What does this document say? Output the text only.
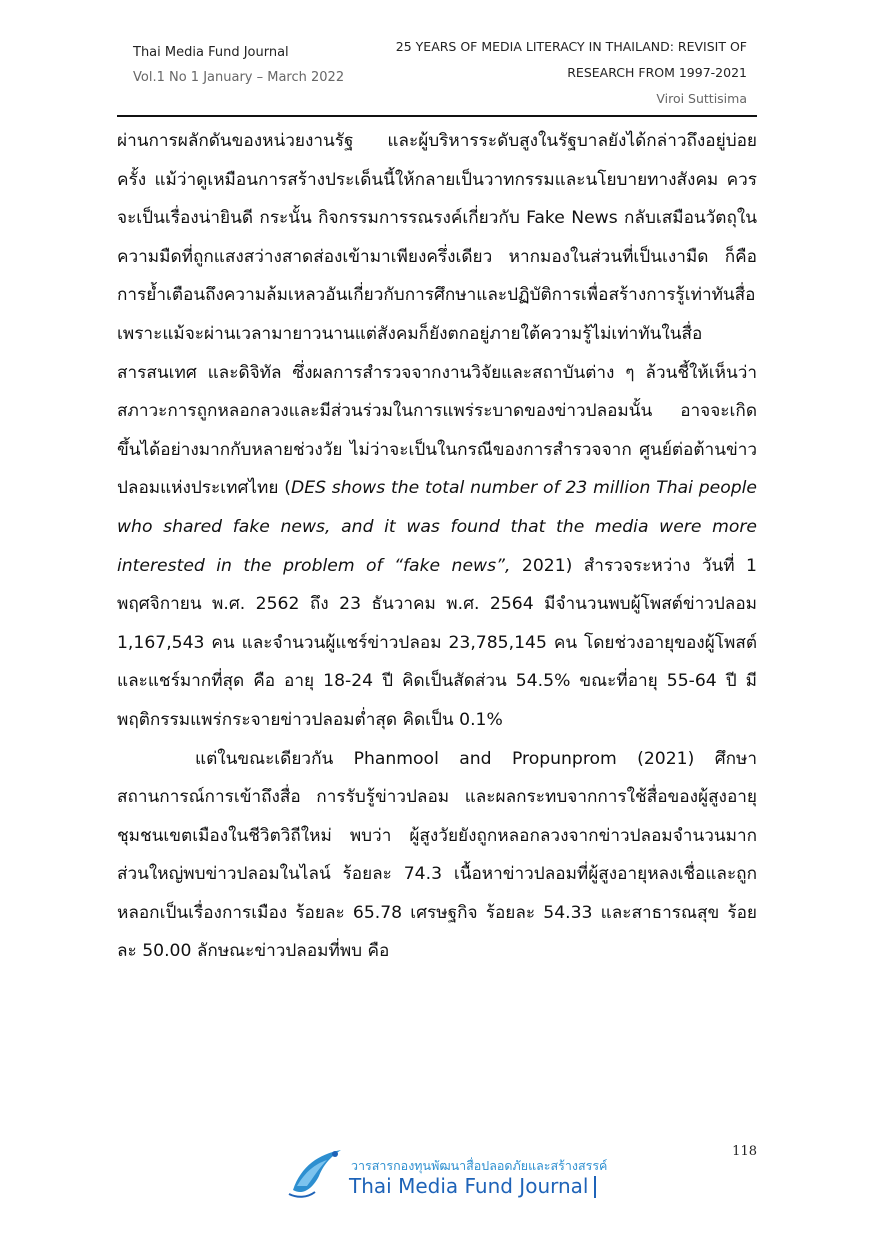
Thai Media Fund Journal
Vol.1 No 1 January – March 2022
25 YEARS OF MEDIA LITERACY IN THAILAND: REVISIT OF
RESEARCH FROM 1997-2021
Viroi Suttisima

ผ่านการผลักดันของหน่วยงานรัฐ และผู้บริหารระดับสูงในรัฐบาลยังได้กล่าวถึงอยู่บ่อยครั้ง แม้ว่าดูเหมือนการสร้างประเด็นนี้ให้กลายเป็นวาทกรรมและนโยบายทางสังคม ควรจะเป็นเรื่องน่ายินดี กระนั้น กิจกรรมการรณรงค์เกี่ยวกับ Fake News กลับเสมือนวัตถุในความมืดที่ถูกแสงสว่างสาดส่องเข้ามาเพียงครึ่งเดียว หากมองในส่วนที่เป็นเงามืด ก็คือการย้ำเตือนถึงความล้มเหลวอันเกี่ยวกับการศึกษาและปฏิบัติการเพื่อสร้างการรู้เท่าทันสื่อ เพราะแม้จะผ่านเวลามายาวนานแต่สังคมก็ยังตกอยู่ภายใต้ความรู้ไม่เท่าทันในสื่อ สารสนเทศ และดิจิทัล ซึ่งผลการสำรวจจากงานวิจัยและสถาบันต่าง ๆ ล้วนชี้ให้เห็นว่าสภาวะการถูกหลอกลวงและมีส่วนร่วมในการแพร่ระบาดของข่าวปลอมนั้น อาจจะเกิดขึ้นได้อย่างมากกับหลายช่วงวัย ไม่ว่าจะเป็นในกรณีของการสำรวจจาก ศูนย์ต่อต้านข่าวปลอมแห่งประเทศไทย (DES shows the total number of 23 million Thai people who shared fake news, and it was found that the media were more interested in the problem of “fake news”, 2021) สำรวจระหว่าง วันที่ 1 พฤศจิกายน พ.ศ. 2562 ถึง 23 ธันวาคม พ.ศ. 2564 มีจำนวนพบผู้โพสต์ข่าวปลอม 1,167,543 คน และจำนวนผู้แชร์ข่าวปลอม 23,785,145 คน โดยช่วงอายุของผู้โพสต์และแชร์มากที่สุด คือ อายุ 18-24 ปี คิดเป็นสัดส่วน 54.5% ขณะที่อายุ 55-64 ปี มีพฤติกรรมแพร่กระจายข่าวปลอมต่ำสุด คิดเป็น 0.1%

แต่ในขณะเดียวกัน Phanmool and Propunprom (2021) ศึกษาสถานการณ์การเข้าถึงสื่อ การรับรู้ข่าวปลอม และผลกระทบจากการใช้สื่อของผู้สูงอายุชุมชนเขตเมืองในชีวิตวิถีใหม่ พบว่า ผู้สูงวัยยังถูกหลอกลวงจากข่าวปลอมจำนวนมาก ส่วนใหญ่พบข่าวปลอมในไลน์ ร้อยละ 74.3 เนื้อหาข่าวปลอมที่ผู้สูงอายุหลงเชื่อและถูกหลอกเป็นเรื่องการเมือง ร้อยละ 65.78 เศรษฐกิจ ร้อยละ 54.33 และสาธารณสุข ร้อยละ 50.00 ลักษณะข่าวปลอมที่พบ คือ

118
วารสารกองทุนพัฒนาสื่อปลอดภัยและสร้างสรรค์
Thai Media Fund Journal
